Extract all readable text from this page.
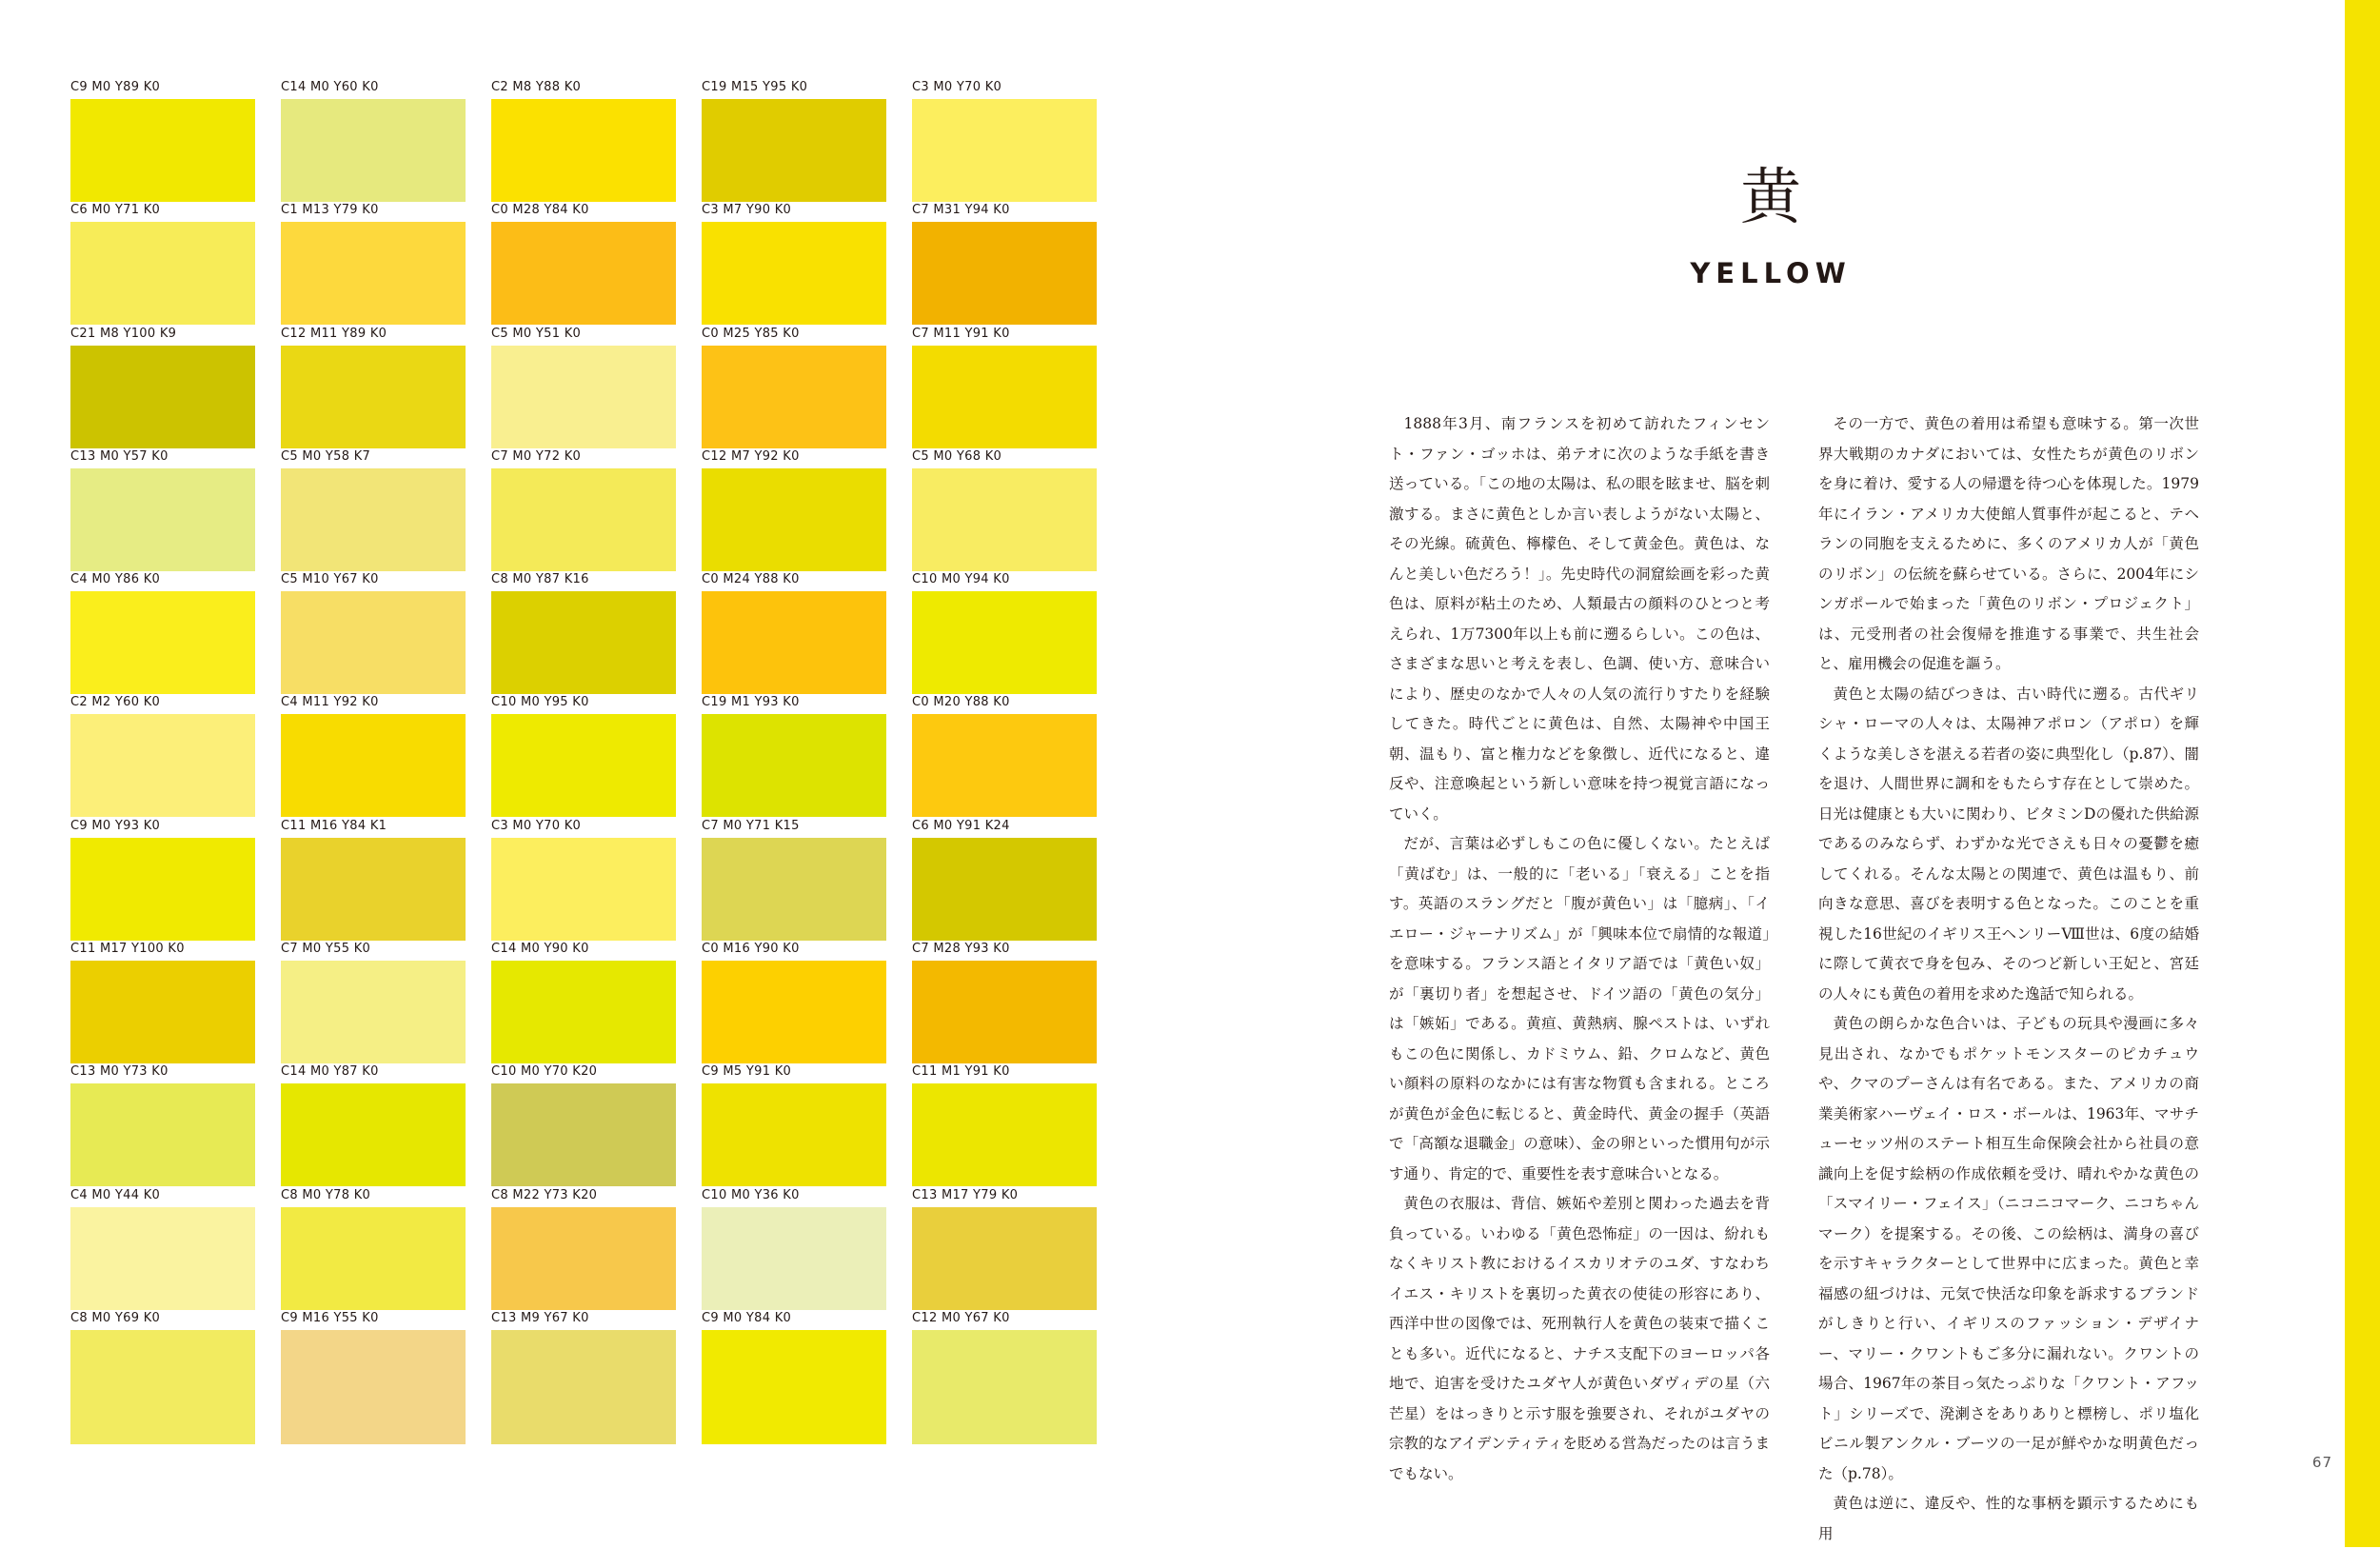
C9 M0 Y89 K0	C14 M0 Y60 K0	C2 M8 Y88 K0	C19 M15 Y95 K0	C3 M0 Y70 K0
C6 M0 Y71 K0	C1 M13 Y79 K0	C0 M28 Y84 K0	C3 M7 Y90 K0	C7 M31 Y94 K0
C21 M8 Y100 K9	C12 M11 Y89 K0	C5 M0 Y51 K0	C0 M25 Y85 K0	C7 M11 Y91 K0
C13 M0 Y57 K0	C5 M0 Y58 K7	C7 M0 Y72 K0	C12 M7 Y92 K0	C5 M0 Y68 K0
C4 M0 Y86 K0	C5 M10 Y67 K0	C8 M0 Y87 K16	C0 M24 Y88 K0	C10 M0 Y94 K0
C2 M2 Y60 K0	C4 M11 Y92 K0	C10 M0 Y95 K0	C19 M1 Y93 K0	C0 M20 Y88 K0
C9 M0 Y93 K0	C11 M16 Y84 K1	C3 M0 Y70 K0	C7 M0 Y71 K15	C6 M0 Y91 K24
C11 M17 Y100 K0	C7 M0 Y55 K0	C14 M0 Y90 K0	C0 M16 Y90 K0	C7 M28 Y93 K0
C13 M0 Y73 K0	C14 M0 Y87 K0	C10 M0 Y70 K20	C9 M5 Y91 K0	C11 M1 Y91 K0
C4 M0 Y44 K0	C8 M0 Y78 K0	C8 M22 Y73 K20	C10 M0 Y36 K0	C13 M17 Y79 K0
C8 M0 Y69 K0	C9 M16 Y55 K0	C13 M9 Y67 K0	C9 M0 Y84 K0	C12 M0 Y67 K0
黄
YELLOW

1888年3月、南フランスを初めて訪れたフィンセント・ファン・ゴッホは、弟テオに次のような手紙を書き送っている。「この地の太陽は、私の眼を眩ませ、脳を刺激する。まさに黄色としか言い表しようがない太陽と、その光線。硫黄色、檸檬色、そして黄金色。黄色は、なんと美しい色だろう！」。先史時代の洞窟絵画を彩った黄色は、原料が粘土のため、人類最古の顔料のひとつと考えられ、1万7300年以上も前に遡るらしい。この色は、さまざまな思いと考えを表し、色調、使い方、意味合いにより、歴史のなかで人々の人気の流行りすたりを経験してきた。時代ごとに黄色は、自然、太陽神や中国王朝、温もり、富と権力などを象徴し、近代になると、違反や、注意喚起という新しい意味を持つ視覚言語になっていく。

だが、言葉は必ずしもこの色に優しくない。たとえば「黄ばむ」は、一般的に「老いる」「衰える」ことを指す。英語のスラングだと「腹が黄色い」は「臆病」、「イエロー・ジャーナリズム」が「興味本位で扇情的な報道」を意味する。フランス語とイタリア語では「黄色い奴」が「裏切り者」を想起させ、ドイツ語の「黄色の気分」は「嫉妬」である。黄疸、黄熱病、腺ペストは、いずれもこの色に関係し、カドミウム、鉛、クロムなど、黄色い顔料の原料のなかには有害な物質も含まれる。ところが黄色が金色に転じると、黄金時代、黄金の握手（英語で「高額な退職金」の意味）、金の卵といった慣用句が示す通り、肯定的で、重要性を表す意味合いとなる。

黄色の衣服は、背信、嫉妬や差別と関わった過去を背負っている。いわゆる「黄色恐怖症」の一因は、紛れもなくキリスト教におけるイスカリオテのユダ、すなわちイエス・キリストを裏切った黄衣の使徒の形容にあり、西洋中世の図像では、死刑執行人を黄色の装束で描くことも多い。近代になると、ナチス支配下のヨーロッパ各地で、迫害を受けたユダヤ人が黄色いダヴィデの星（六芒星）をはっきりと示す服を強要され、それがユダヤの宗教的なアイデンティティを貶める営為だったのは言うまでもない。

その一方で、黄色の着用は希望も意味する。第一次世界大戦期のカナダにおいては、女性たちが黄色のリボンを身に着け、愛する人の帰還を待つ心を体現した。1979年にイラン・アメリカ大使館人質事件が起こると、テヘランの同胞を支えるために、多くのアメリカ人が「黄色のリボン」の伝統を蘇らせている。さらに、2004年にシンガポールで始まった「黄色のリボン・プロジェクト」は、元受刑者の社会復帰を推進する事業で、共生社会と、雇用機会の促進を謳う。

黄色と太陽の結びつきは、古い時代に遡る。古代ギリシャ・ローマの人々は、太陽神アポロン（アポロ）を輝くような美しさを湛える若者の姿に典型化し（p.87）、闇を退け、人間世界に調和をもたらす存在として崇めた。日光は健康とも大いに関わり、ビタミンDの優れた供給源であるのみならず、わずかな光でさえも日々の憂鬱を癒してくれる。そんな太陽との関連で、黄色は温もり、前向きな意思、喜びを表明する色となった。このことを重視した16世紀のイギリス王ヘンリーⅧ世は、6度の結婚に際して黄衣で身を包み、そのつど新しい王妃と、宮廷の人々にも黄色の着用を求めた逸話で知られる。

黄色の朗らかな色合いは、子どもの玩具や漫画に多々見出され、なかでもポケットモンスターのピカチュウや、クマのプーさんは有名である。また、アメリカの商業美術家ハーヴェイ・ロス・ボールは、1963年、マサチューセッツ州のステート相互生命保険会社から社員の意識向上を促す絵柄の作成依頼を受け、晴れやかな黄色の「スマイリー・フェイス」（ニコニコマーク、ニコちゃんマーク）を提案する。その後、この絵柄は、満身の喜びを示すキャラクターとして世界中に広まった。黄色と幸福感の紐づけは、元気で快活な印象を訴求するブランドがしきりと行い、イギリスのファッション・デザイナー、マリー・クワントもご多分に漏れない。クワントの場合、1967年の茶目っ気たっぷりな「クワント・アフット」シリーズで、溌溂さをありありと標榜し、ポリ塩化ビニル製アンクル・ブーツの一足が鮮やかな明黄色だった（p.78）。

黄色は逆に、違反や、性的な事柄を顕示するためにも用

67
